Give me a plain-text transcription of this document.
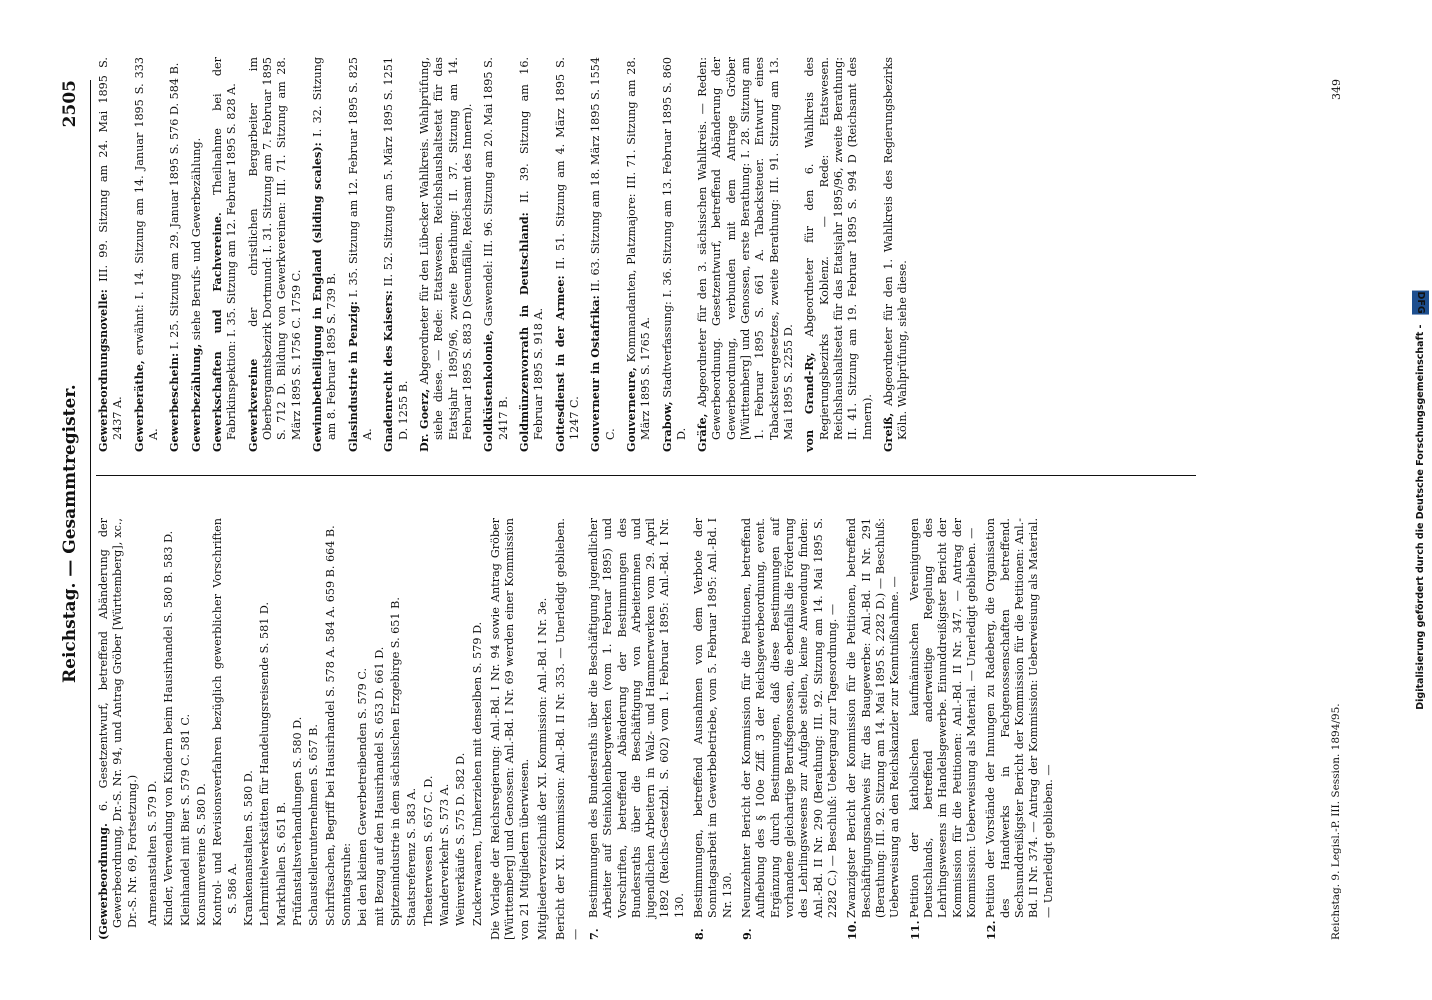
Reichstag. — Gesammtregister.
2505

(Gewerbeordnung. 6. Gesetzentwurf, betreffend Abänderung der Gewerbeordnung, Dr.-S. Nr. 94, und Antrag Gröber [Württemberg], xc., Dr.-S. Nr. 69, Fortsetzung.) Armenanstalten S. 579 D. Kinder, Verwendung von Kindern beim Hausirhandel S. 580 B. 583 D. Kleinhandel mit Bier S. 579 C. 581 C. Konsumvereine S. 580 D. Kontrol- und Revisionsverfahren bezüglich gewerblicher Vorschriften S. 586 A. Krankenanstalten S. 580 D. Lehrmittelwerkstätten für Handelungsreisende S. 581 D. Markthallen S. 651 B. Prüfanstaltsverhandlungen S. 580 D. Schaustellerunternehmen S. 657 B. Schriftsachen, Begriff bei Hausirhandel S. 578 A. 584 A. 659 B. 664 B. Sonntagsruhe: bei den kleinen Gewerbetreibenden S. 579 C. mit Bezug auf den Hausirhandel S. 653 D. 661 D. Spitzenindustrie in dem sächsischen Erzgebirge S. 651 B. Staatsreferenz S. 583 A. Theaterwesen S. 657 C. D. Wanderverkehr S. 573 A. Weinverkäufe S. 575 D. 582 D. Zuckerwaaren, Umherziehen mit denselben S. 579 D. Die Vorlage der Reichsregierung: Anl.-Bd. I Nr. 94 sowie Antrag Gröber [Württemberg] und Genossen: Anl.-Bd. I Nr. 69 werden einer Kommission von 21 Mitgliedern überwiesen. Mitgliederverzeichniß der XI. Kommission: Anl.-Bd. I Nr. 3e. Bericht der XI. Kommission: Anl.-Bd. II Nr. 353. — Unerledigt geblieben. — 7.
Bestimmungen des Bundesraths über die Beschäftigung jugendlicher Arbeiter auf Steinkohlenbergwerken (vom 1. Februar 1895) und Vorschriften, betreffend Abänderung der Bestimmungen des Bundesraths über die Beschäftigung von Arbeiterinnen und jugendlichen Arbeitern in Walz- und Hammerwerken vom 29. April 1892 (Reichs-Gesetzbl. S. 602) vom 1. Februar 1895: Anl.-Bd. I Nr. 130.
8.
Bestimmungen, betreffend Ausnahmen von dem Verbote der Sonntagsarbeit im Gewerbebetriebe, vom 5. Februar 1895: Anl.-Bd. I Nr. 130.
9.
Neunzehnter Bericht der Kommission für die Petitionen, betreffend Aufhebung des § 100e Ziff. 3 der Reichsgewerbeordnung, event. Ergänzung durch Bestimmungen, daß diese Bestimmungen auf vorhandene gleichartige Berufsgenossen, die ebenfalls die Förderung des Lehrlingswesens zur Aufgabe stellen, keine Anwendung finden: Anl.-Bd. II Nr. 290 (Berathung: III. 92. Sitzung am 14. Mai 1895 S. 2282 C.) — Beschluß: Uebergang zur Tagesordnung. —
10.
Zwanzigster Bericht der Kommission für die Petitionen, betreffend Beschäftigungsnachweis für das Baugewerbe: Anl.-Bd. II Nr. 291 (Berathung: III. 92. Sitzung am 14. Mai 1895 S. 2282 D.) — Beschluß: Ueberweisung an den Reichskanzler zur Kenntnißnahme. —
11.
Petition der katholischen kaufmännischen Vereinigungen Deutschlands, betreffend anderweitige Regelung des Lehrlingswesens im Handelsgewerbe. Einunddreißigster Bericht der Kommission für die Petitionen: Anl.-Bd. II Nr. 347. — Antrag der Kommission: Ueberweisung als Material. — Unerledigt geblieben. —
12.
Petition der Vorstände der Innungen zu Radeberg, die Organisation des Handwerks in Fachgenossenschaften betreffend. Sechsunddreißigster Bericht der Kommission für die Petitionen: Anl.-Bd. II Nr. 374. — Antrag der Kommission: Ueberweisung als Material. — Unerledigt geblieben. —

Gewerbeordnungsnovelle: III. 99. Sitzung am 24. Mai 1895 S. 2437 A. Gewerberäthe, erwähnt: I. 14. Sitzung am 14. Januar 1895 S. 333 A. Gewerbeschein: I. 25. Sitzung am 29. Januar 1895 S. 576 D. 584 B.

Gewerbezählung, siehe Berufs- und Gewerbezählung. Gewerkschaften und Fachvereine. Theilnahme bei der Fabrikinspektion: I. 35. Sitzung am 12. Februar 1895 S. 828 A. Gewerkvereine der christlichen Bergarbeiter im Oberbergamtsbezirk Dortmund: I. 31. Sitzung am 7. Februar 1895 S. 712 D. Bildung von Gewerkvereinen: III. 71. Sitzung am 28. März 1895 S. 1756 C. 1759 C. Gewinnbetheiligung in England (sliding scales): I. 32. Sitzung am 8. Februar 1895 S. 739 B. Glasindustrie in Penzig: I. 35. Sitzung am 12. Februar 1895 S. 825 A. Gnadenrecht des Kaisers: II. 52. Sitzung am 5. März 1895 S. 1251 D. 1255 B. Dr. Goerz, Abgeordneter für den Lübecker Wahlkreis. Wahlprüfung, siehe diese. — Rede: Etatswesen. Reichshaushaltsetat für das Etatsjahr 1895/96, zweite Berathung: II. 37. Sitzung am 14. Februar 1895 S. 883 D (Seeunfälle, Reichsamt des Innern). Goldküstenkolonie, Gaswendel: III. 96. Sitzung am 20. Mai 1895 S. 2417 B. Goldmünzenvorrath in Deutschland: II. 39. Sitzung am 16. Februar 1895 S. 918 A. Gottesdienst in der Armee: II. 51. Sitzung am 4. März 1895 S. 1247 C. Gouverneur in Ostafrika: II. 63. Sitzung am 18. März 1895 S. 1554 C. Gouverneure, Kommandanten, Platzmajore: III. 71. Sitzung am 28. März 1895 S. 1765 A. Grabow, Stadtverfassung: I. 36. Sitzung am 13. Februar 1895 S. 860 D. Gräfe, Abgeordneter für den 3. sächsischen Wahlkreis. — Reden: Gewerbeordnung. Gesetzentwurf, betreffend Abänderung der Gewerbeordnung, verbunden mit dem Antrage Gröber [Württemberg] und Genossen, erste Berathung: I. 28. Sitzung am 1. Februar 1895 S. 661 A. Tabacksteuer. Entwurf eines Tabacksteuergesetzes, zweite Berathung: III. 91. Sitzung am 13. Mai 1895 S. 2255 D. von Grand-Ry, Abgeordneter für den 6. Wahlkreis des Regierungsbezirks Koblenz. — Rede: Etatswesen. Reichshaushaltsetat für das Etatsjahr 1895/96, zweite Berathung: II. 41. Sitzung am 19. Februar 1895 S. 994 D (Reichsamt des Innern). Greiß, Abgeordneter für den 1. Wahlkreis des Regierungsbezirks Köln. Wahlprüfung, siehe diese.

Reichstag. 9. Legisl.-P. III. Session. 1894/95.
349
Digitalisierung gefördert durch die Deutsche Forschungsgemeinschaft - DFG
